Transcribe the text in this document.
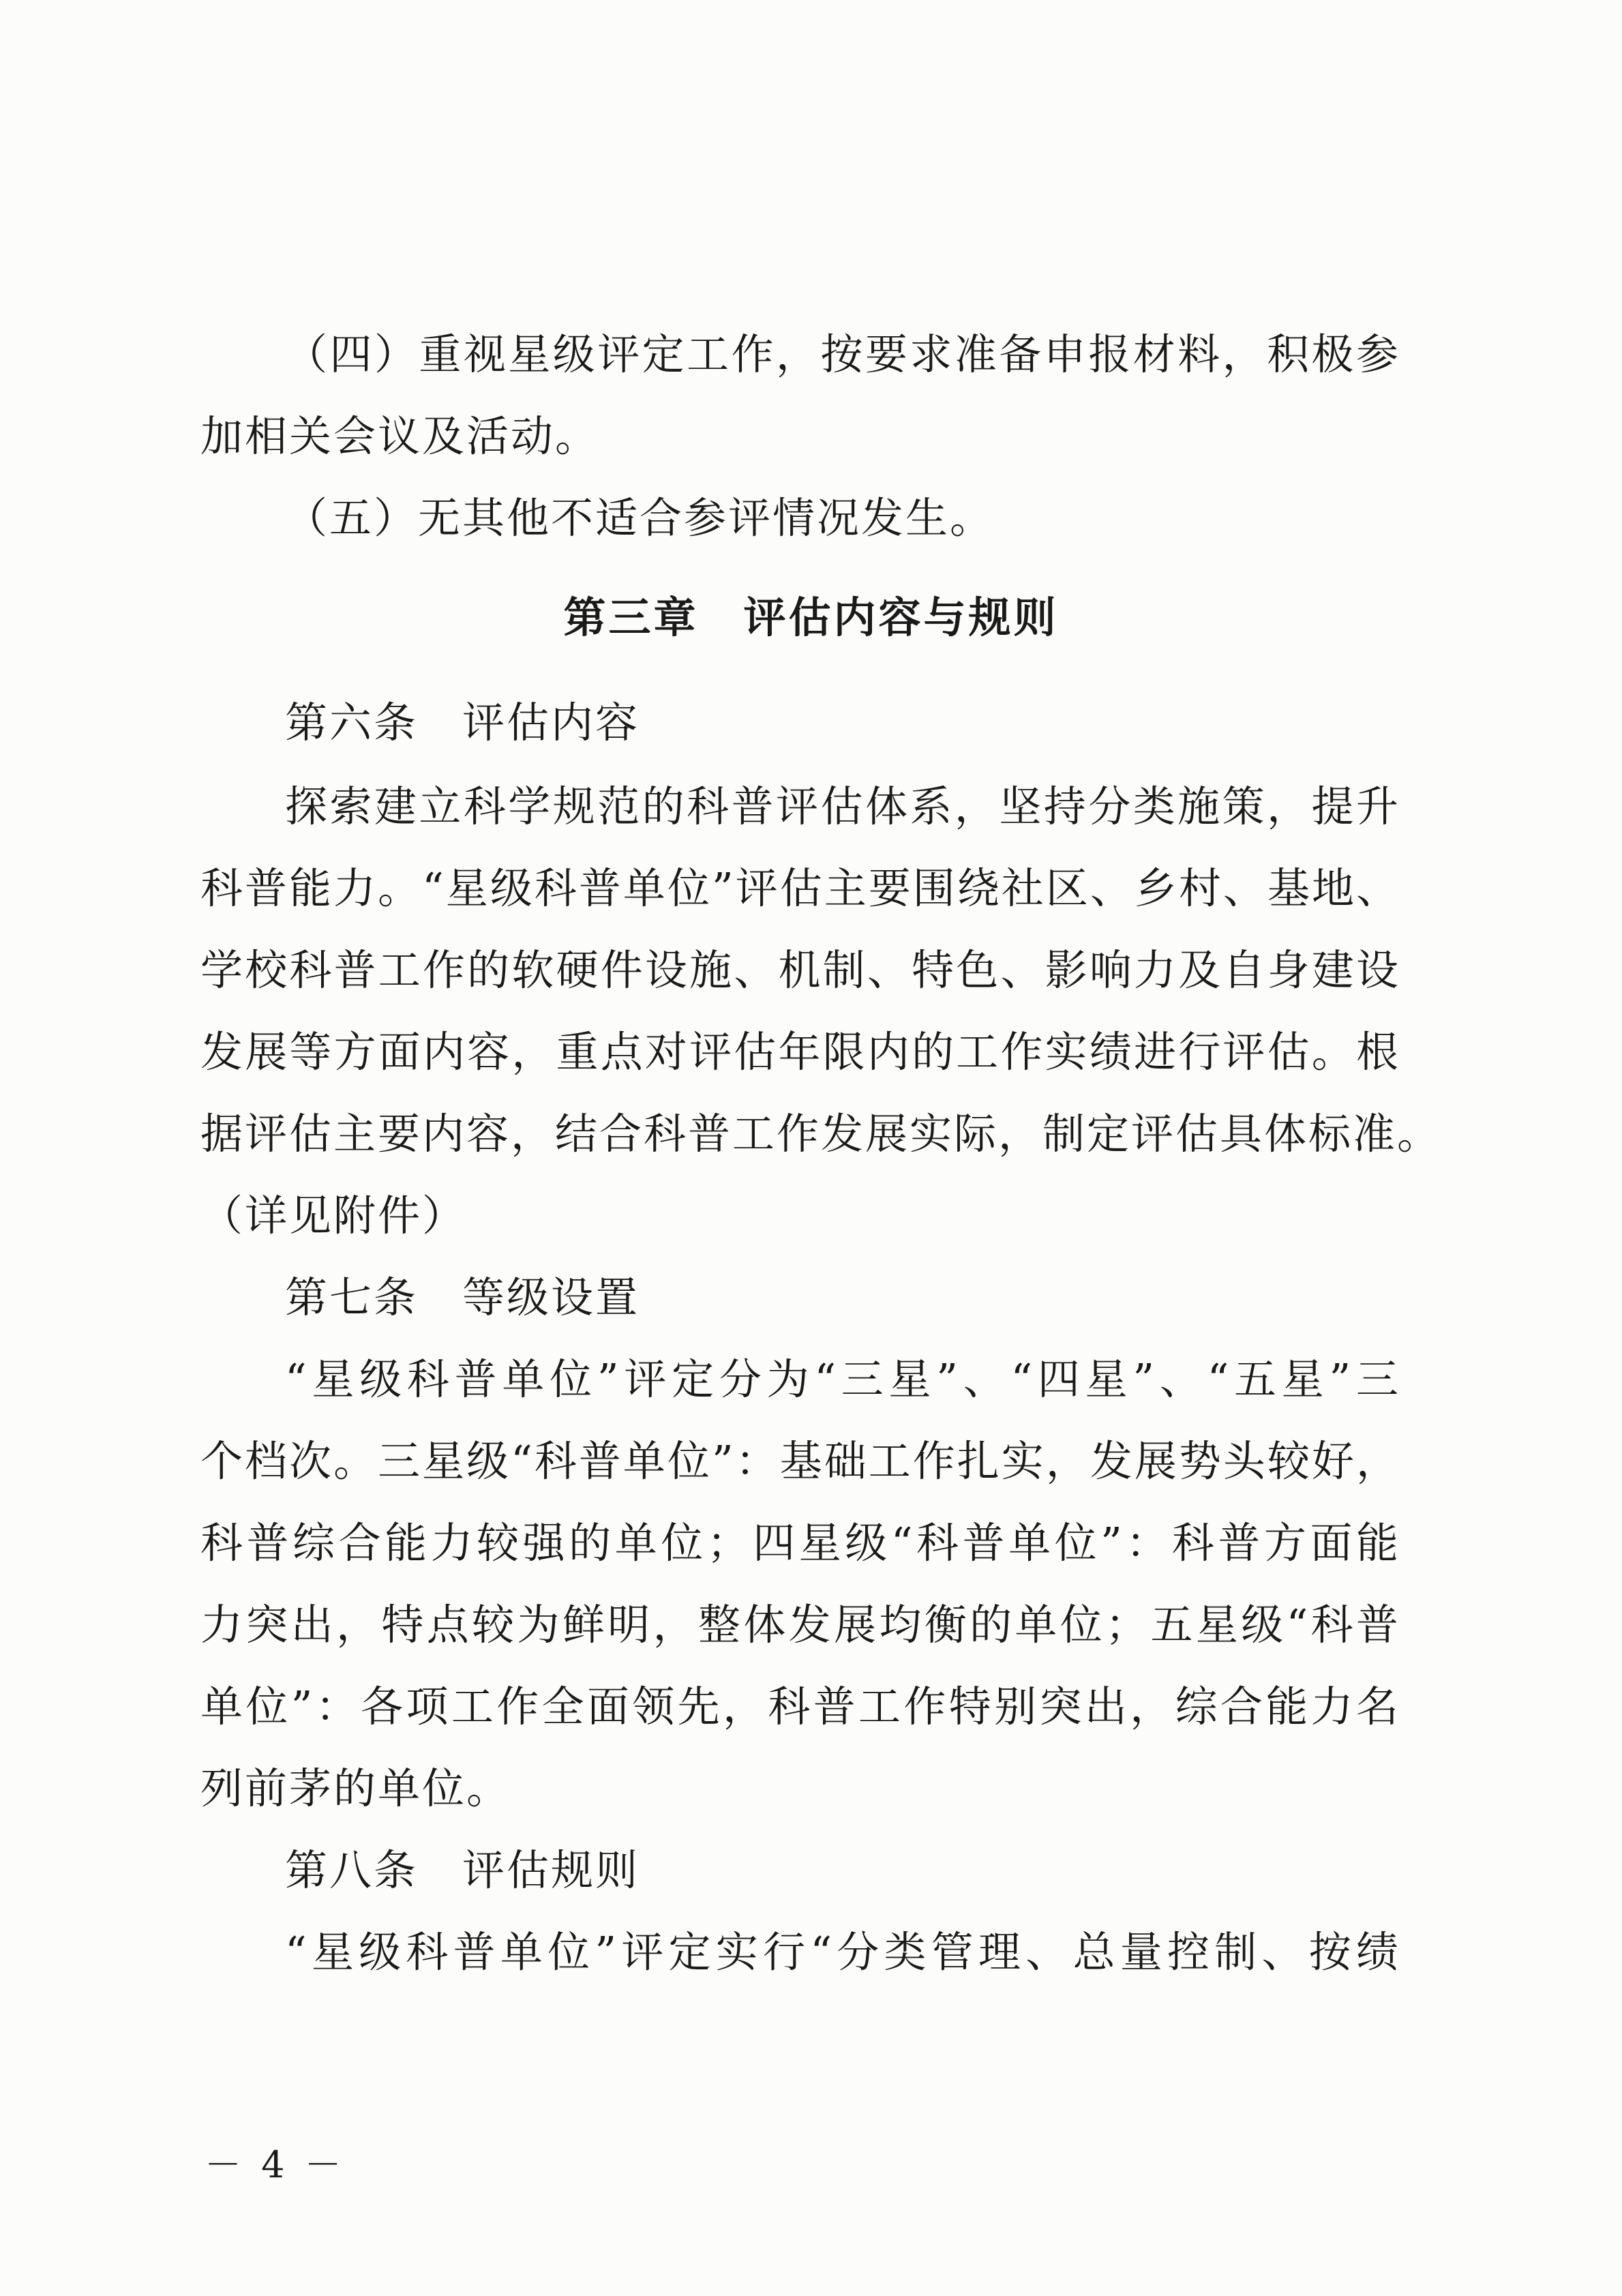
（四）重视星级评定工作，按要求准备申报材料，积极参
加相关会议及活动。
（五）无其他不适合参评情况发生。
第三章　评估内容与规则
第六条　评估内容
探索建立科学规范的科普评估体系，坚持分类施策，提升
科普能力。“星级科普单位”评估主要围绕社区、乡村、基地、
学校科普工作的软硬件设施、机制、特色、影响力及自身建设
发展等方面内容，重点对评估年限内的工作实绩进行评估。根
据评估主要内容，结合科普工作发展实际，制定评估具体标准。
（详见附件）
第七条　等级设置
“星级科普单位”评定分为“三星”、“四星”、“五星”三
个档次。三星级“科普单位”：基础工作扎实，发展势头较好，
科普综合能力较强的单位；四星级“科普单位”：科普方面能
力突出，特点较为鲜明，整体发展均衡的单位；五星级“科普
单位”：各项工作全面领先，科普工作特别突出，综合能力名
列前茅的单位。
第八条　评估规则
“星级科普单位”评定实行“分类管理、总量控制、按绩
－ 4 －
